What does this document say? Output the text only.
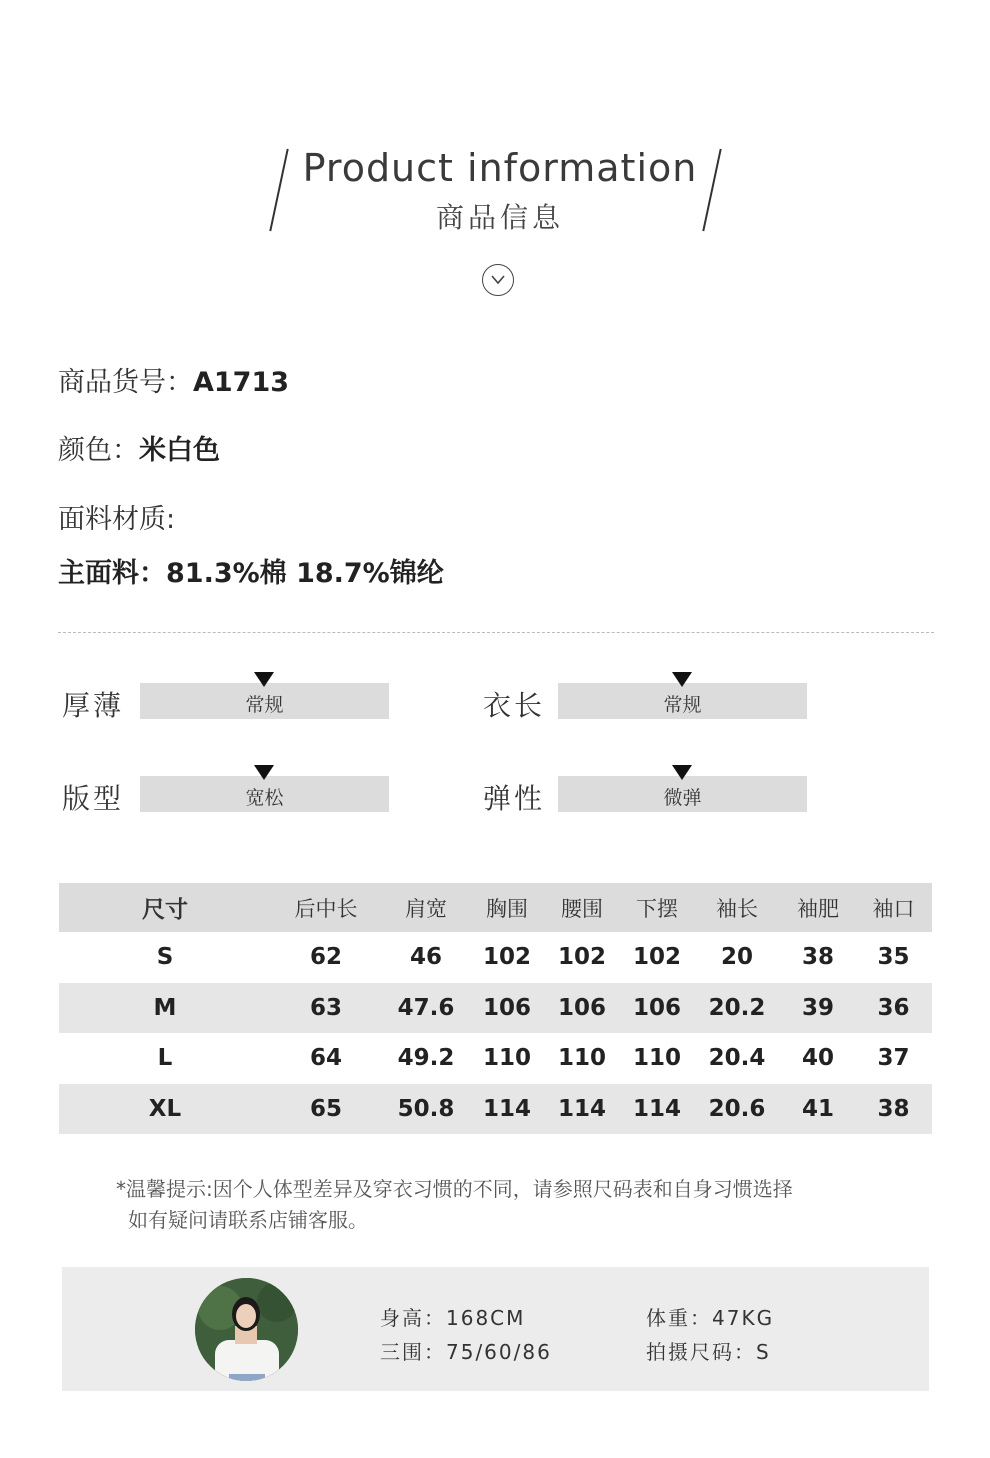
Product information
商品信息
商品货号：A1713
颜色：米白色
面料材质:
主面料：81.3%棉 18.7%锦纶
厚薄	常规	衣长	常规
版型	宽松	弹性	微弹
尺寸	后中长	肩宽	胸围	腰围	下摆	袖长	袖肥	袖口
S	62	46	102	102	102	20	38	35
M	63	47.6	106	106	106	20.2	39	36
L	64	49.2	110	110	110	20.4	40	37
XL	65	50.8	114	114	114	20.6	41	38
*温馨提示:因个人体型差异及穿衣习惯的不同，请参照尺码表和自身习惯选择
如有疑问请联系店铺客服。
身高：168CM	体重：47KG
三围：75/60/86	拍摄尺码：S
